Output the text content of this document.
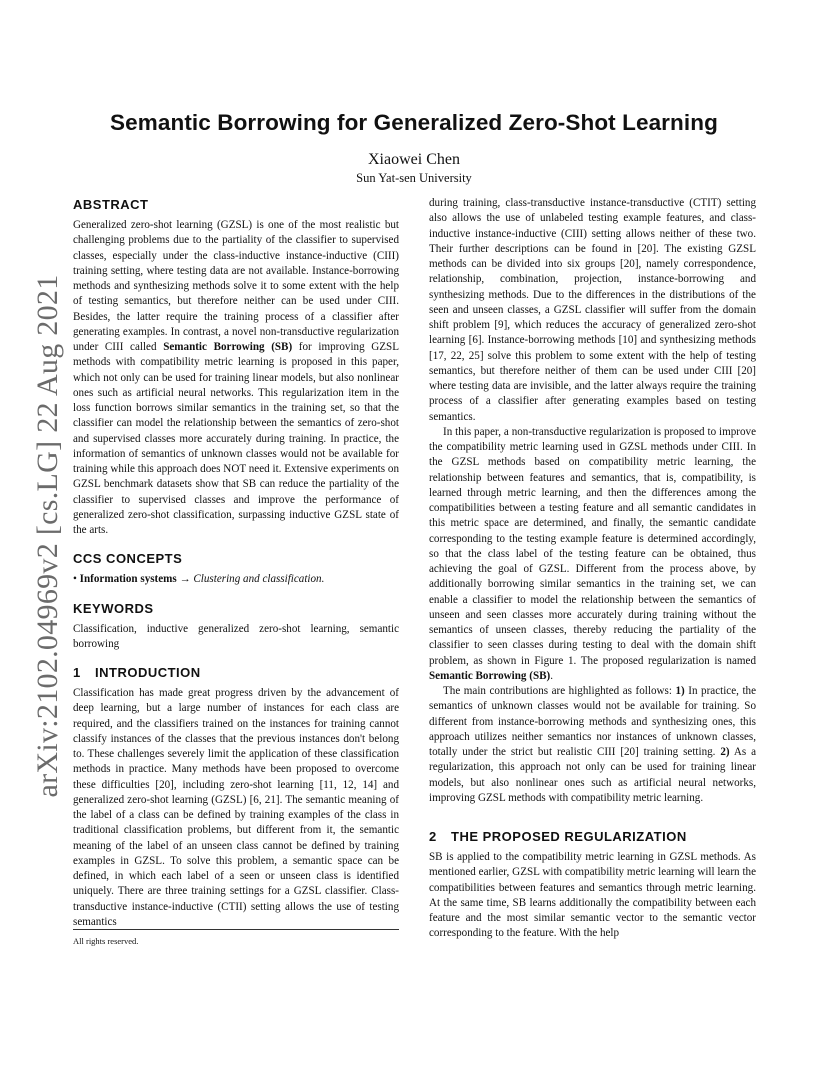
arXiv:2102.04969v2 [cs.LG] 22 Aug 2021
Semantic Borrowing for Generalized Zero-Shot Learning
Xiaowei Chen
Sun Yat-sen University
ABSTRACT

Generalized zero-shot learning (GZSL) is one of the most realistic but challenging problems due to the partiality of the classifier to supervised classes, especially under the class-inductive instance-inductive (CIII) training setting, where testing data are not available. Instance-borrowing methods and synthesizing methods solve it to some extent with the help of testing semantics, but therefore neither can be used under CIII. Besides, the latter require the training process of a classifier after generating examples. In contrast, a novel non-transductive regularization under CIII called Semantic Borrowing (SB) for improving GZSL methods with compatibility metric learning is proposed in this paper, which not only can be used for training linear models, but also nonlinear ones such as artificial neural networks. This regularization item in the loss function borrows similar semantics in the training set, so that the classifier can model the relationship between the semantics of zero-shot and supervised classes more accurately during training. In practice, the information of semantics of unknown classes would not be available for training while this approach does NOT need it. Extensive experiments on GZSL benchmark datasets show that SB can reduce the partiality of the classifier to supervised classes and improve the performance of generalized zero-shot classification, surpassing inductive GZSL state of the arts.

CCS CONCEPTS

• Information systems → Clustering and classification.

KEYWORDS

Classification, inductive generalized zero-shot learning, semantic borrowing

1 INTRODUCTION

Classification has made great progress driven by the advancement of deep learning, but a large number of instances for each class are required, and the classifiers trained on the instances for training cannot classify instances of the classes that the previous instances don't belong to. These challenges severely limit the application of these classification methods in practice. Many methods have been proposed to overcome these difficulties [20], including zero-shot learning [11, 12, 14] and generalized zero-shot learning (GZSL) [6, 21]. The semantic meaning of the label of a class can be defined by training examples of the class in traditional classification problems, but different from it, the semantic meaning of the label of an unseen class cannot be defined by training examples in GZSL. To solve this problem, a semantic space can be defined, in which each label of a seen or unseen class is identified uniquely. There are three training settings for a GZSL classifier. Class-transductive instance-inductive (CTII) setting allows the use of testing semantics

during training, class-transductive instance-transductive (CTIT) setting also allows the use of unlabeled testing example features, and class-inductive instance-inductive (CIII) setting allows neither of these two. Their further descriptions can be found in [20]. The existing GZSL methods can be divided into six groups [20], namely correspondence, relationship, combination, projection, instance-borrowing and synthesizing methods. Due to the differences in the distributions of the seen and unseen classes, a GZSL classifier will suffer from the domain shift problem [9], which reduces the accuracy of generalized zero-shot learning [6]. Instance-borrowing methods [10] and synthesizing methods [17, 22, 25] solve this problem to some extent with the help of testing semantics, but therefore neither of them can be used under CIII [20] where testing data are invisible, and the latter always require the training process of a classifier after generating examples based on testing semantics.

In this paper, a non-transductive regularization is proposed to improve the compatibility metric learning used in GZSL methods under CIII. In the GZSL methods based on compatibility metric learning, the relationship between features and semantics, that is, compatibility, is learned through metric learning, and then the differences among the compatibilities between a testing feature and all semantic candidates in this metric space are determined, and finally, the semantic candidate corresponding to the testing example feature is determined accordingly, so that the class label of the testing feature can be obtained, thus achieving the goal of GZSL. Different from the process above, by additionally borrowing similar semantics in the training set, we can enable a classifier to model the relationship between the semantics of unseen and seen classes more accurately during training without the semantics of unseen classes, thereby reducing the partiality of the classifier to seen classes during testing to deal with the domain shift problem, as shown in Figure 1. The proposed regularization is named Semantic Borrowing (SB).

The main contributions are highlighted as follows: 1) In practice, the semantics of unknown classes would not be available for training. So different from instance-borrowing methods and synthesizing ones, this approach utilizes neither semantics nor instances of unknown classes, totally under the strict but realistic CIII [20] training setting. 2) As a regularization, this approach not only can be used for training linear models, but also nonlinear ones such as artificial neural networks, improving GZSL methods with compatibility metric learning.

2 THE PROPOSED REGULARIZATION

SB is applied to the compatibility metric learning in GZSL methods. As mentioned earlier, GZSL with compatibility metric learning will learn the compatibilities between features and semantics through metric learning. At the same time, SB learns additionally the compatibility between each feature and the most similar semantic vector to the semantic vector corresponding to the feature. With the help

All rights reserved.
